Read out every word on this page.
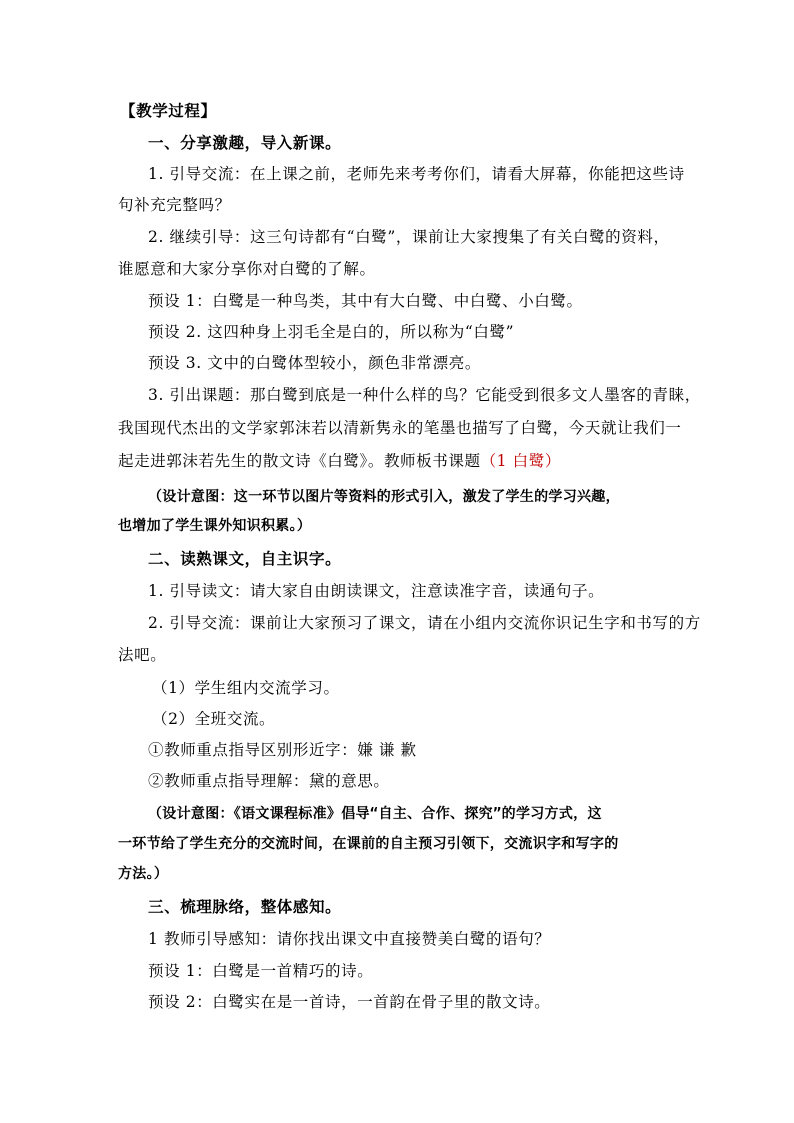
【教学过程】
一、分享激趣，导入新课。
1. 引导交流：在上课之前，老师先来考考你们，请看大屏幕，你能把这些诗
句补充完整吗？
2. 继续引导：这三句诗都有“白鹭”，课前让大家搜集了有关白鹭的资料，
谁愿意和大家分享你对白鹭的了解。
预设 1：白鹭是一种鸟类，其中有大白鹭、中白鹭、小白鹭。
预设 2. 这四种身上羽毛全是白的，所以称为“白鹭”
预设 3. 文中的白鹭体型较小，颜色非常漂亮。
3. 引出课题：那白鹭到底是一种什么样的鸟？它能受到很多文人墨客的青睐，
我国现代杰出的文学家郭沫若以清新隽永的笔墨也描写了白鹭，今天就让我们一
起走进郭沫若先生的散文诗《白鹭》。教师板书课题（1 白鹭）
（设计意图：这一环节以图片等资料的形式引入，激发了学生的学习兴趣，
也增加了学生课外知识积累。）
二、读熟课文，自主识字。
1. 引导读文：请大家自由朗读课文，注意读准字音，读通句子。
2. 引导交流：课前让大家预习了课文，请在小组内交流你识记生字和书写的方
法吧。
（1）学生组内交流学习。
（2）全班交流。
①教师重点指导区别形近字：嫌 谦 歉
②教师重点指导理解：黛的意思。
（设计意图：《语文课程标准》倡导“自主、合作、探究”的学习方式，这
一环节给了学生充分的交流时间，在课前的自主预习引领下，交流识字和写字的
方法。）
三、梳理脉络，整体感知。
1 教师引导感知：请你找出课文中直接赞美白鹭的语句？
预设 1：白鹭是一首精巧的诗。
预设 2：白鹭实在是一首诗，一首韵在骨子里的散文诗。
